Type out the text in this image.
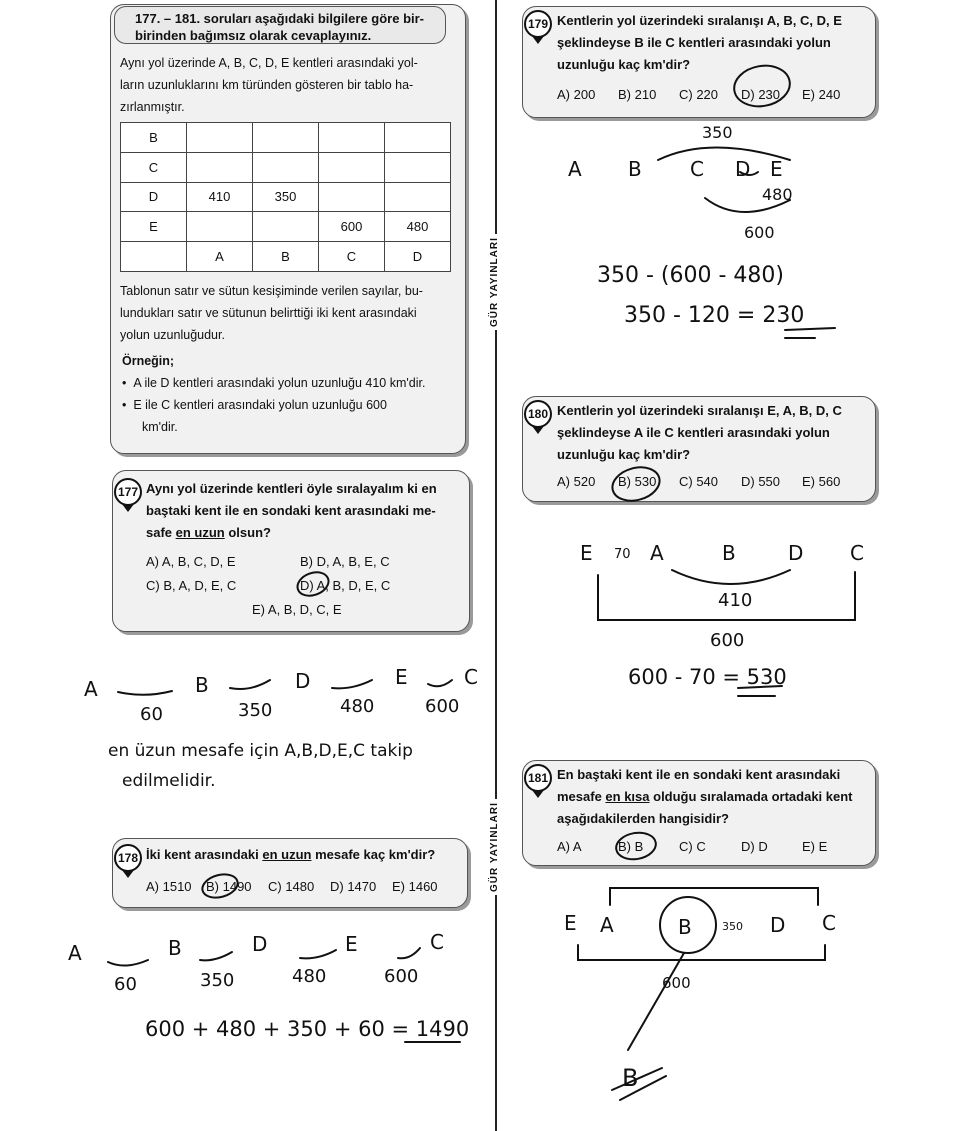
177. – 181. soruları aşağıdaki bilgilere göre bir-
birinden bağımsız olarak cevaplayınız.
Aynı yol üzerinde A, B, C, D, E kentleri arasındaki yol-
ların uzunluklarını km türünden gösteren bir tablo ha-
zırlanmıştır.
B				
C				
D	410	350		
E			600	480
	A	B	C	D
Tablonun satır ve sütun kesişiminde verilen sayılar, bu-
lundukları satır ve sütunun belirttiği iki kent arasındaki
yolun uzunluğudur.
Örneğin;
•  A ile D kentleri arasındaki yolun uzunluğu 410 km'dir.
•  E ile C kentleri arasındaki yolun uzunluğu 600
km'dir.
177 Aynı yol üzerinde kentleri öyle sıralayalım ki en
baştaki kent ile en sondaki kent arasındaki me-
safe en uzun olsun?
A) A, B, C, D, E	B) D, A, B, E, C
C) B, A, D, E, C	D) A, B, D, E, C
E) A, B, D, C, E
178 İki kent arasındaki en uzun mesafe kaç km'dir?
A) 1510 B) 1490 C) 1480 D) 1470 E) 1460
GÜR YAYINLARI
GÜR YAYINLARI
179 Kentlerin yol üzerindeki sıralanışı A, B, C, D, E
şeklindeyse B ile C kentleri arasındaki yolun
uzunluğu kaç km'dir?
A) 200 B) 210 C) 220 D) 230 E) 240
180 Kentlerin yol üzerindeki sıralanışı E, A, B, D, C
şeklindeyse A ile C kentleri arasındaki yolun
uzunluğu kaç km'dir?
A) 520 B) 530 C) 540 D) 550 E) 560
181 En baştaki kent ile en sondaki kent arasındaki
mesafe en kısa olduğu sıralamada ortadaki kent
aşağıdakilerden hangisidir?
A) A	B) B	C) C	D) D	E) E
A	B	D	E	C
60	350	480	600
en üzun mesafe için A,B,D,E,C takip
edilmelidir.
A	B	D	E	C
60	350	480	600
600 + 480 + 350 + 60 = 1490
350
A B C D E
480
600
350 - (600 - 480)
350 - 120 = 230
E 70 A	B	D C
410
600
600 - 70 = 530
E A	B	350 D C
600
B
